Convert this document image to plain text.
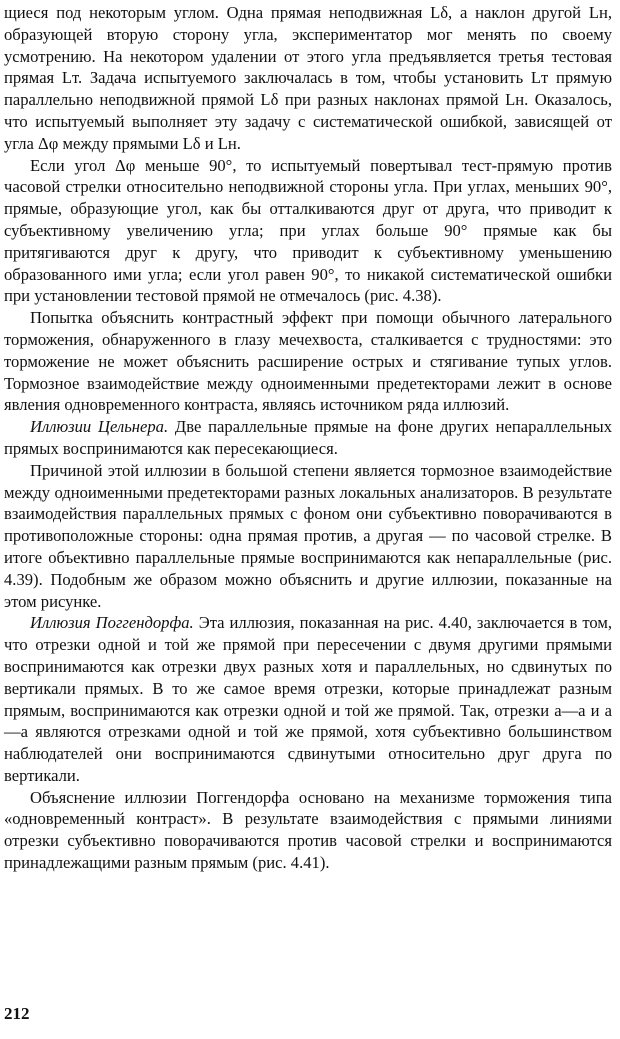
щиеся под некоторым углом. Одна прямая неподвижная Lδ, а наклон другой Lн, образующей вторую сторону угла, экспериментатор мог менять по своему усмотрению. На некотором удалении от этого угла предъявляется третья тестовая прямая Lт. Задача испытуемого заключалась в том, чтобы установить Lт прямую параллельно неподвижной прямой Lδ при разных наклонах прямой Lн. Оказалось, что испытуемый выполняет эту задачу с систематической ошибкой, зависящей от угла Δφ между прямыми Lδ и Lн.

Если угол Δφ меньше 90°, то испытуемый повертывал тест-прямую против часовой стрелки относительно неподвижной стороны угла. При углах, меньших 90°, прямые, образующие угол, как бы отталкиваются друг от друга, что приводит к субъективному увеличению угла; при углах больше 90° прямые как бы притягиваются друг к другу, что приводит к субъективному уменьшению образованного ими угла; если угол равен 90°, то никакой систематической ошибки при установлении тестовой прямой не отмечалось (рис. 4.38).

Попытка объяснить контрастный эффект при помощи обычного латерального торможения, обнаруженного в глазу мечехвоста, сталкивается с трудностями: это торможение не может объяснить расширение острых и стягивание тупых углов. Тормозное взаимодействие между одноименными предетекторами лежит в основе явления одновременного контраста, являясь источником ряда иллюзий.

Иллюзии Цельнера. Две параллельные прямые на фоне других непараллельных прямых воспринимаются как пересекающиеся.

Причиной этой иллюзии в большой степени является тормозное взаимодействие между одноименными предетекторами разных локальных анализаторов. В результате взаимодействия параллельных прямых с фоном они субъективно поворачиваются в противоположные стороны: одна прямая против, а другая — по часовой стрелке. В итоге объективно параллельные прямые воспринимаются как непараллельные (рис. 4.39). Подобным же образом можно объяснить и другие иллюзии, показанные на этом рисунке.

Иллюзия Поггендорфа. Эта иллюзия, показанная на рис. 4.40, заключается в том, что отрезки одной и той же прямой при пересечении с двумя другими прямыми воспринимаются как отрезки двух разных хотя и параллельных, но сдвинутых по вертикали прямых. В то же самое время отрезки, которые принадлежат разным прямым, воспринимаются как отрезки одной и той же прямой. Так, отрезки a—a и a—a являются отрезками одной и той же прямой, хотя субъективно большинством наблюдателей они воспринимаются сдвинутыми относительно друг друга по вертикали.

Объяснение иллюзии Поггендорфа основано на механизме торможения типа «одновременный контраст». В результате взаимодействия с прямыми линиями отрезки субъективно поворачиваются против часовой стрелки и воспринимаются принадлежащими разным прямым (рис. 4.41).

212
